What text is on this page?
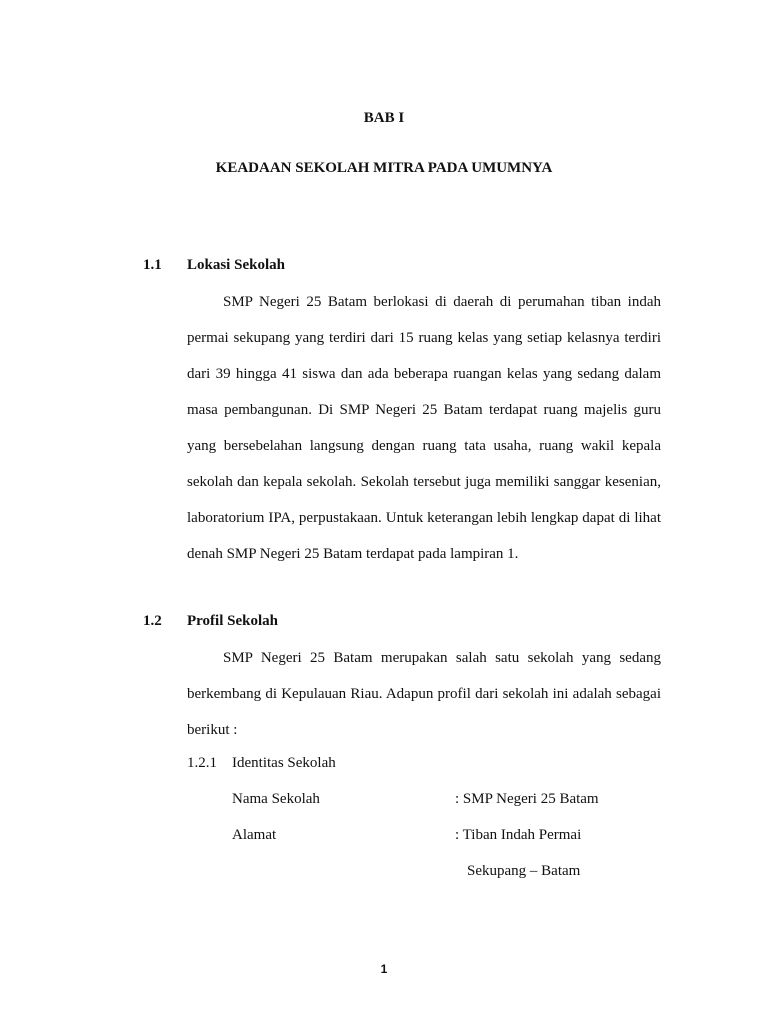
BAB I
KEADAAN SEKOLAH MITRA PADA UMUMNYA
1.1 Lokasi Sekolah
SMP Negeri 25 Batam berlokasi di daerah di perumahan tiban indah permai sekupang yang terdiri dari 15 ruang kelas yang setiap kelasnya terdiri dari 39 hingga 41 siswa dan ada beberapa ruangan kelas yang sedang dalam masa pembangunan. Di SMP Negeri 25 Batam terdapat ruang majelis guru yang bersebelahan langsung dengan ruang tata usaha, ruang wakil kepala sekolah dan kepala sekolah. Sekolah tersebut juga memiliki sanggar kesenian, laboratorium IPA, perpustakaan. Untuk keterangan lebih lengkap dapat di lihat denah SMP Negeri 25 Batam terdapat pada lampiran 1.
1.2 Profil Sekolah
SMP Negeri 25 Batam merupakan salah satu sekolah yang sedang berkembang di Kepulauan Riau. Adapun profil dari sekolah ini adalah sebagai berikut :
1.2.1 Identitas Sekolah
Nama Sekolah	: SMP Negeri 25 Batam
Alamat	: Tiban Indah Permai
Sekupang – Batam
1
